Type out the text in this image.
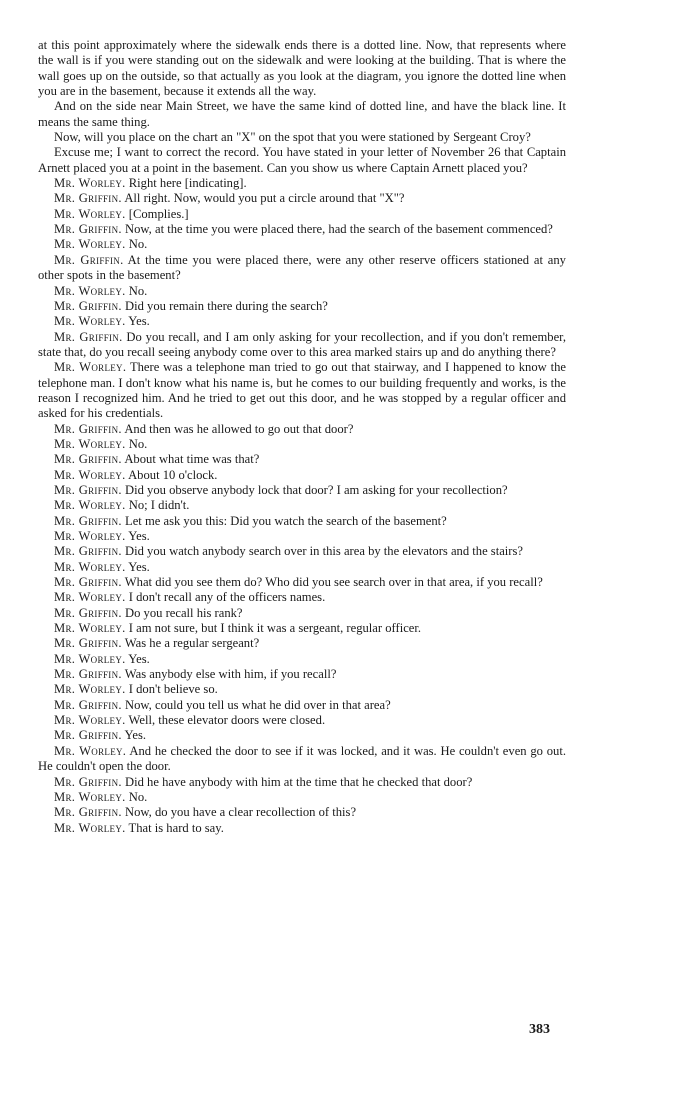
at this point approximately where the sidewalk ends there is a dotted line. Now, that represents where the wall is if you were standing out on the sidewalk and were looking at the building. That is where the wall goes up on the outside, so that actually as you look at the diagram, you ignore the dotted line when you are in the basement, because it extends all the way.

And on the side near Main Street, we have the same kind of dotted line, and have the black line. It means the same thing.

Now, will you place on the chart an "X" on the spot that you were stationed by Sergeant Croy?

Excuse me; I want to correct the record. You have stated in your letter of November 26 that Captain Arnett placed you at a point in the basement. Can you show us where Captain Arnett placed you?

Mr. Worley. Right here [indicating].

Mr. Griffin. All right. Now, would you put a circle around that "X"?

Mr. Worley. [Complies.]

Mr. Griffin. Now, at the time you were placed there, had the search of the basement commenced?

Mr. Worley. No.

Mr. Griffin. At the time you were placed there, were any other reserve officers stationed at any other spots in the basement?

Mr. Worley. No.

Mr. Griffin. Did you remain there during the search?

Mr. Worley. Yes.

Mr. Griffin. Do you recall, and I am only asking for your recollection, and if you don't remember, state that, do you recall seeing anybody come over to this area marked stairs up and do anything there?

Mr. Worley. There was a telephone man tried to go out that stairway, and I happened to know the telephone man. I don't know what his name is, but he comes to our building frequently and works, is the reason I recognized him. And he tried to get out this door, and he was stopped by a regular officer and asked for his credentials.

Mr. Griffin. And then was he allowed to go out that door?

Mr. Worley. No.

Mr. Griffin. About what time was that?

Mr. Worley. About 10 o'clock.

Mr. Griffin. Did you observe anybody lock that door? I am asking for your recollection?

Mr. Worley. No; I didn't.

Mr. Griffin. Let me ask you this: Did you watch the search of the basement?

Mr. Worley. Yes.

Mr. Griffin. Did you watch anybody search over in this area by the elevators and the stairs?

Mr. Worley. Yes.

Mr. Griffin. What did you see them do? Who did you see search over in that area, if you recall?

Mr. Worley. I don't recall any of the officers names.

Mr. Griffin. Do you recall his rank?

Mr. Worley. I am not sure, but I think it was a sergeant, regular officer.

Mr. Griffin. Was he a regular sergeant?

Mr. Worley. Yes.

Mr. Griffin. Was anybody else with him, if you recall?

Mr. Worley. I don't believe so.

Mr. Griffin. Now, could you tell us what he did over in that area?

Mr. Worley. Well, these elevator doors were closed.

Mr. Griffin. Yes.

Mr. Worley. And he checked the door to see if it was locked, and it was. He couldn't even go out. He couldn't open the door.

Mr. Griffin. Did he have anybody with him at the time that he checked that door?

Mr. Worley. No.

Mr. Griffin. Now, do you have a clear recollection of this?

Mr. Worley. That is hard to say.

383
